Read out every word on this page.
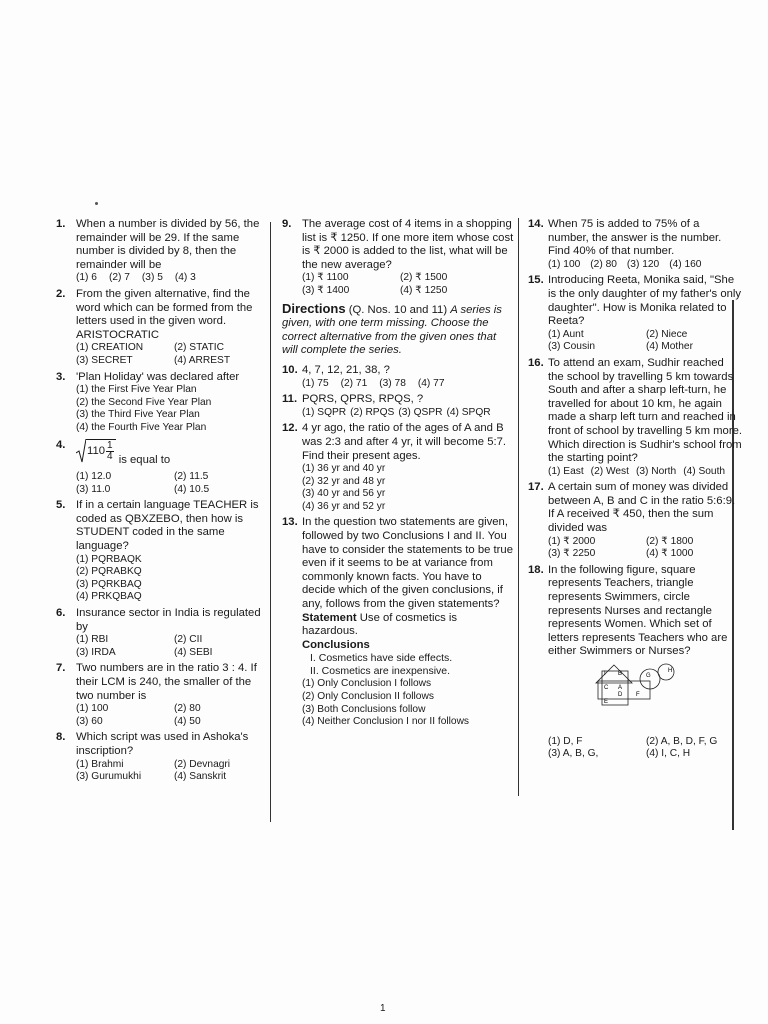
1. When a number is divided by 56, the remainder will be 29. If the same number is divided by 8, then the remainder will be
(1) 6 (2) 7 (3) 5 (4) 3
2. From the given alternative, find the word which can be formed from the letters used in the given word.
ARISTOCRATIC
(1) CREATION	(2) STATIC
(3) SECRET	(4) ARREST
3. 'Plan Holiday' was declared after
(1) the First Five Year Plan
(2) the Second Five Year Plan
(3) the Third Five Year Plan
(4) the Fourth Five Year Plan
4.
$110 \frac{1}{4}$ is equal to
(1) 12.0	(2) 11.5
(3) 11.0	(4) 10.5
5. If in a certain language TEACHER is coded as QBXZEBO, then how is STUDENT coded in the same language?
(1) PQRBAQK
(2) PQRABKQ
(3) PQRKBAQ
(4) PRKQBAQ
6. Insurance sector in India is regulated by
(1) RBI	(2) CII
(3) IRDA	(4) SEBI
7. Two numbers are in the ratio 3 : 4. If their LCM is 240, the smaller of the two number is
(1) 100	(2) 80
(3) 60	(4) 50
8. Which script was used in Ashoka's inscription?
(1) Brahmi	(2) Devnagri
(3) Gurumukhi	(4) Sanskrit
9. The average cost of 4 items in a shopping list is ₹ 1250. If one more item whose cost is ₹ 2000 is added to the list, what will be the new average?
(1) ₹ 1100	(2) ₹ 1500
(3) ₹ 1400	(4) ₹ 1250
Directions (Q. Nos. 10 and 11) A series is given, with one term missing. Choose the correct alternative from the given ones that will complete the series.
10. 4, 7, 12, 21, 38, ?
(1) 75 (2) 71 (3) 78 (4) 77
11. PQRS, QPRS, RPQS, ?
(1) SQPR (2) RPQS (3) QSPR (4) SPQR
12. 4 yr ago, the ratio of the ages of A and B was 2:3 and after 4 yr, it will become 5:7. Find their present ages.
(1) 36 yr and 40 yr
(2) 32 yr and 48 yr
(3) 40 yr and 56 yr
(4) 36 yr and 52 yr
13. In the question two statements are given, followed by two Conclusions I and II. You have to consider the statements to be true even if it seems to be at variance from commonly known facts. You have to decide which of the given conclusions, if any, follows from the given statements?
Statement Use of cosmetics is hazardous.
Conclusions
I. Cosmetics have side effects.
II. Cosmetics are inexpensive.
(1) Only Conclusion I follows
(2) Only Conclusion II follows
(3) Both Conclusions follow
(4) Neither Conclusion I nor II follows
14. When 75 is added to 75% of a number, the answer is the number. Find 40% of that number.
(1) 100 (2) 80 (3) 120 (4) 160
15. Introducing Reeta, Monika said, "She is the only daughter of my father's only daughter". How is Monika related to Reeta?
(1) Aunt	(2) Niece
(3) Cousin	(4) Mother
16. To attend an exam, Sudhir reached the school by travelling 5 km towards South and after a sharp left-turn, he travelled for about 10 km, he again made a sharp left turn and reached in front of school by travelling 5 km more. Which direction is Sudhir's school from the starting point?
(1) East (2) West (3) North (4) South
17. A certain sum of money was divided between A, B and C in the ratio 5:6:9. If A received ₹ 450, then the sum divided was
(1) ₹ 2000	(2) ₹ 1800
(3) ₹ 2250	(4) ₹ 1000
18. In the following figure, square represents Teachers, triangle represents Swimmers, circle represents Nurses and rectangle represents Women. Which set of letters represents Teachers who are either Swimmers or Nurses?
I B	G
H
C A
D F
E
(1) D, F	(2) A, B, D, F, G
(3) A, B, G,	(4) I, C, H
1
